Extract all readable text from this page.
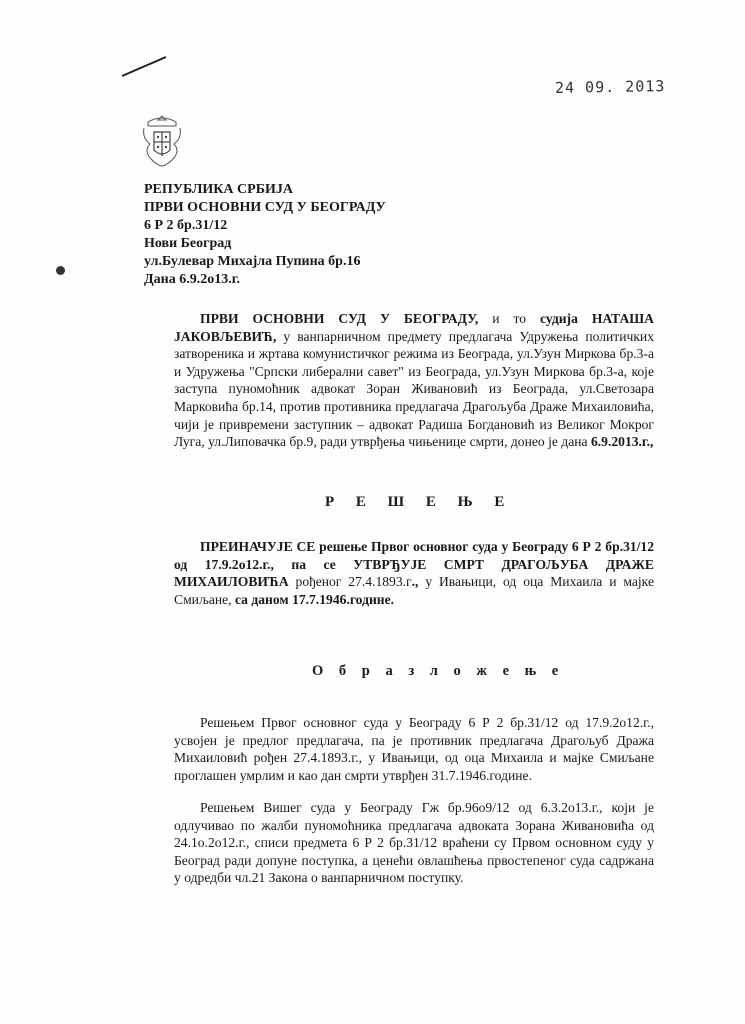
24 09. 2013
РЕПУБЛИКА СРБИЈА
ПРВИ ОСНОВНИ СУД У БЕОГРАДУ
6 Р 2 бр.31/12
Нови Београд
ул.Булевар Михајла Пупина бр.16
Дана 6.9.2о13.г.
ПРВИ ОСНОВНИ СУД У БЕОГРАДУ, и то судија НАТАША ЈАКОВЉЕВИЋ, у ванпарничном предмету предлагача Удружења политичких затвореника и жртава комунистичког режима из Београда, ул.Узун Миркова бр.3-а и Удружења "Српски либерални савет" из Београда, ул.Узун Миркова бр.3-а, које заступа пуномоћник адвокат Зоран Живановић из Београда, ул.Светозара Марковића бр.14, против противника предлагача Драгољуба Драже Михаиловића, чији је привремени заступник – адвокат Радиша Богдановић из Великог Мокрог Луга, ул.Липовачка бр.9, ради утврђења чињенице смрти, донео је дана 6.9.2013.г.,
Р Е Ш Е Њ Е
ПРЕИНАЧУЈЕ СЕ решење Првог основног суда у Београду 6 Р 2 бр.31/12 од 17.9.2о12.г., па се УТВРЂУЈЕ СМРТ ДРАГОЉУБА ДРАЖЕ МИХАИЛОВИЋА рођеног 27.4.1893.г., у Ивањици, од оца Михаила и мајке Смиљане, са даном 17.7.1946.године.
О б р а з л о ж е њ е
Решењем Првог основног суда у Београду 6 Р 2 бр.31/12 од 17.9.2о12.г., усвојен је предлог предлагача, па је противник предлагача Драгољуб Дража Михаиловић рођен 27.4.1893.г., у Ивањици, од оца Михаила и мајке Смиљане проглашен умрлим и као дан смрти утврђен 31.7.1946.године.
Решењем Вишег суда у Београду Гж бр.96о9/12 од 6.3.2о13.г., који је одлучивао по жалби пуномоћника предлагача адвоката Зорана Живановића од 24.1о.2о12.г., списи предмета 6 Р 2 бр.31/12 враћени су Првом основном суду у Београд ради допуне поступка, а ценећи овлашћења првостепеног суда садржана у одредби чл.21 Закона о ванпарничном поступку.
